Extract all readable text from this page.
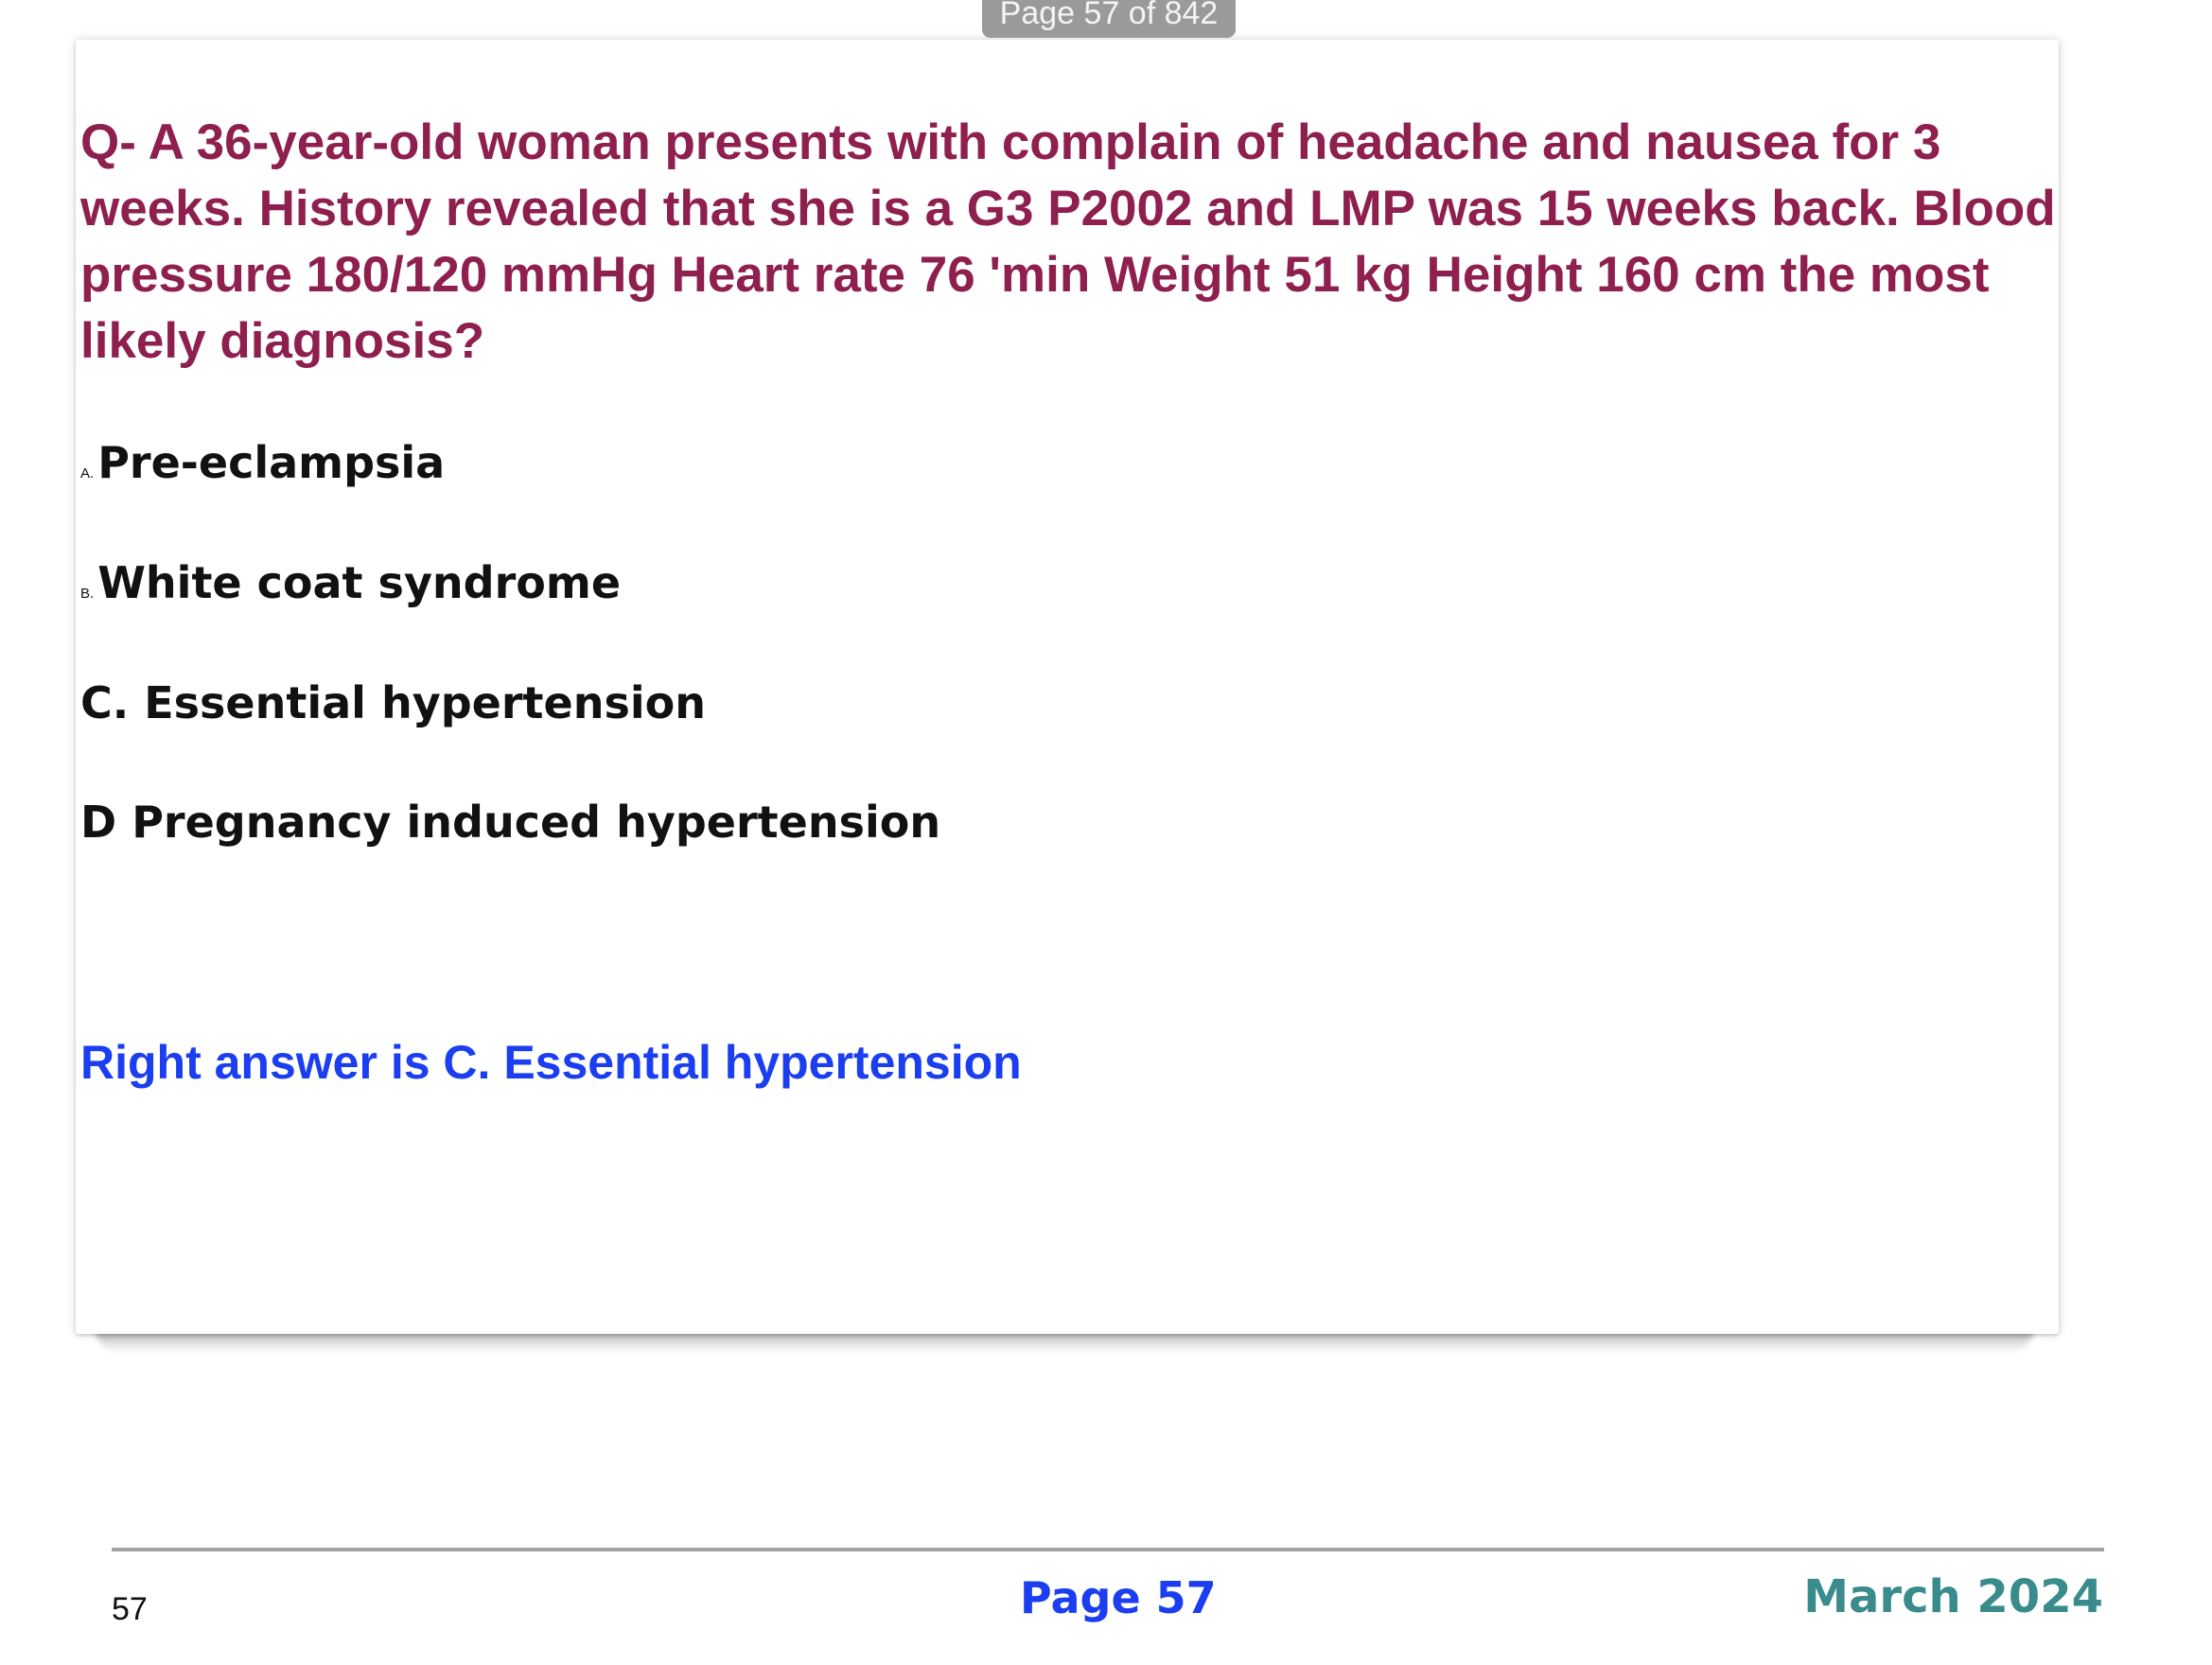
Page 57 of 842

Q- A 36-year-old woman presents with complain of headache and nausea for 3 weeks. History revealed that she is a G3 P2002 and LMP was 15 weeks back. Blood pressure 180/120 mmHg Heart rate 76 'min Weight 51 kg Height 160 cm the most likely diagnosis?

A.Pre-eclampsia

B.White coat syndrome

C. Essential hypertension

D Pregnancy induced hypertension

Right answer is C. Essential hypertension

57	Page 57	March 2024
